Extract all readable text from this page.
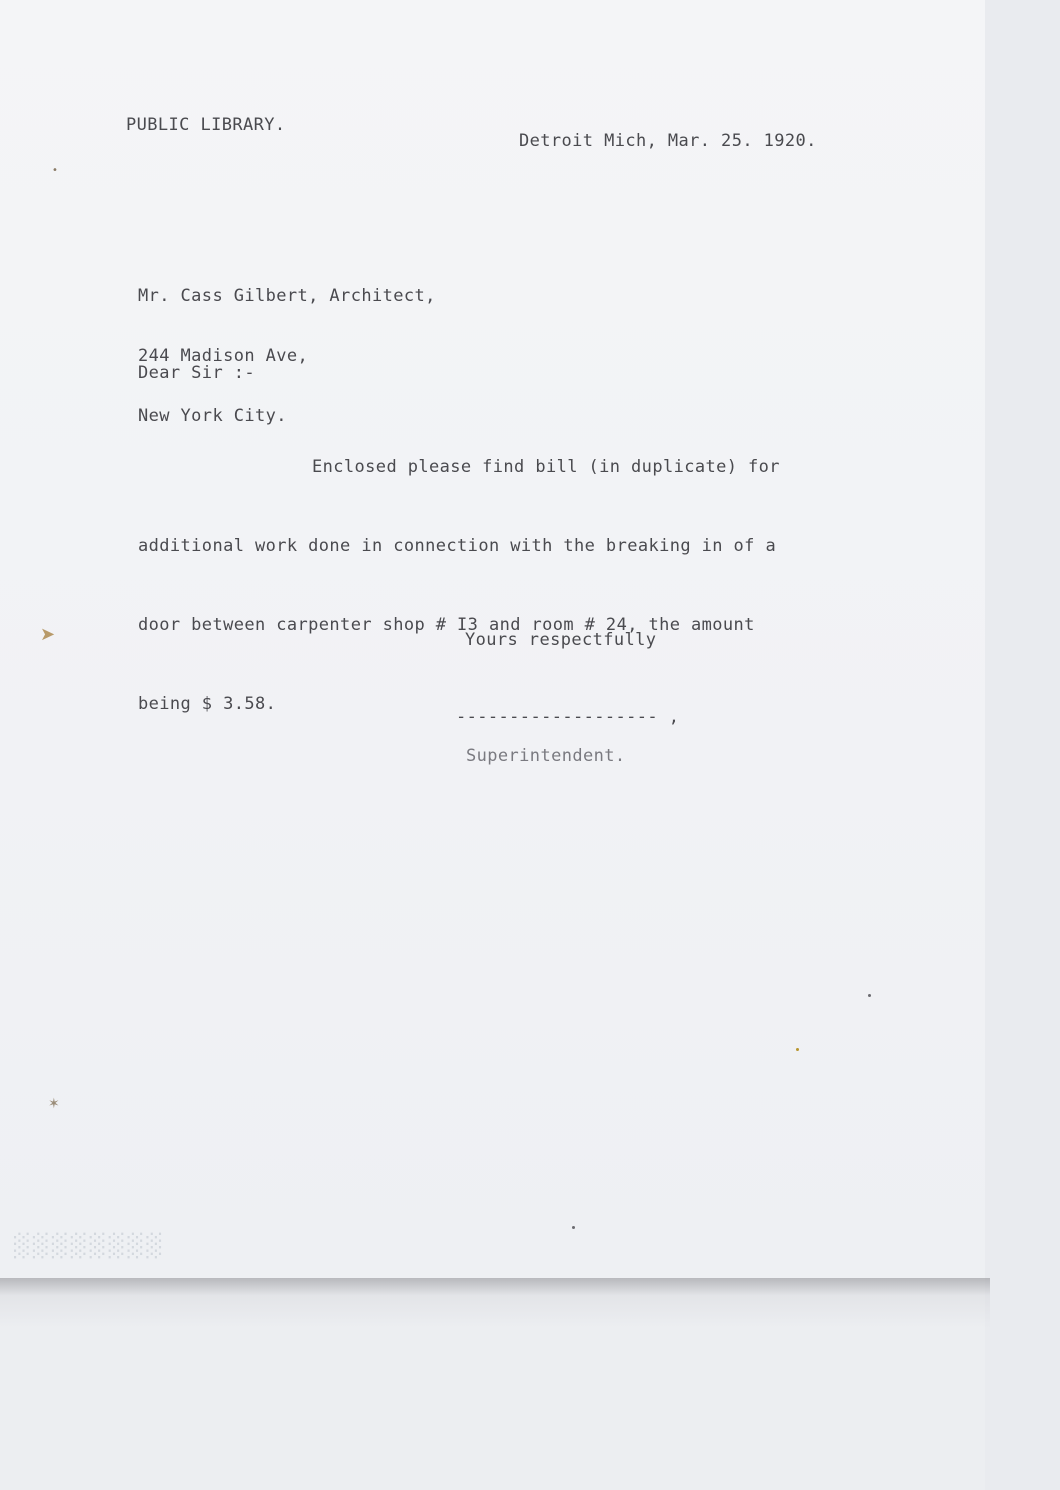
PUBLIC LIBRARY.

Detroit Mich, Mar. 25. 1920.

Mr. Cass Gilbert, Architect,

244 Madison Ave,

New York City.

Dear Sir :-

Enclosed please find bill (in duplicate) for

additional work done in connection with the breaking in of a

door between carpenter shop # I3 and room # 24, the amount

being $ 3.58.

Yours respectfully

------------------- ,

Superintendent.

➤
✶
•
░░░░░░░░
